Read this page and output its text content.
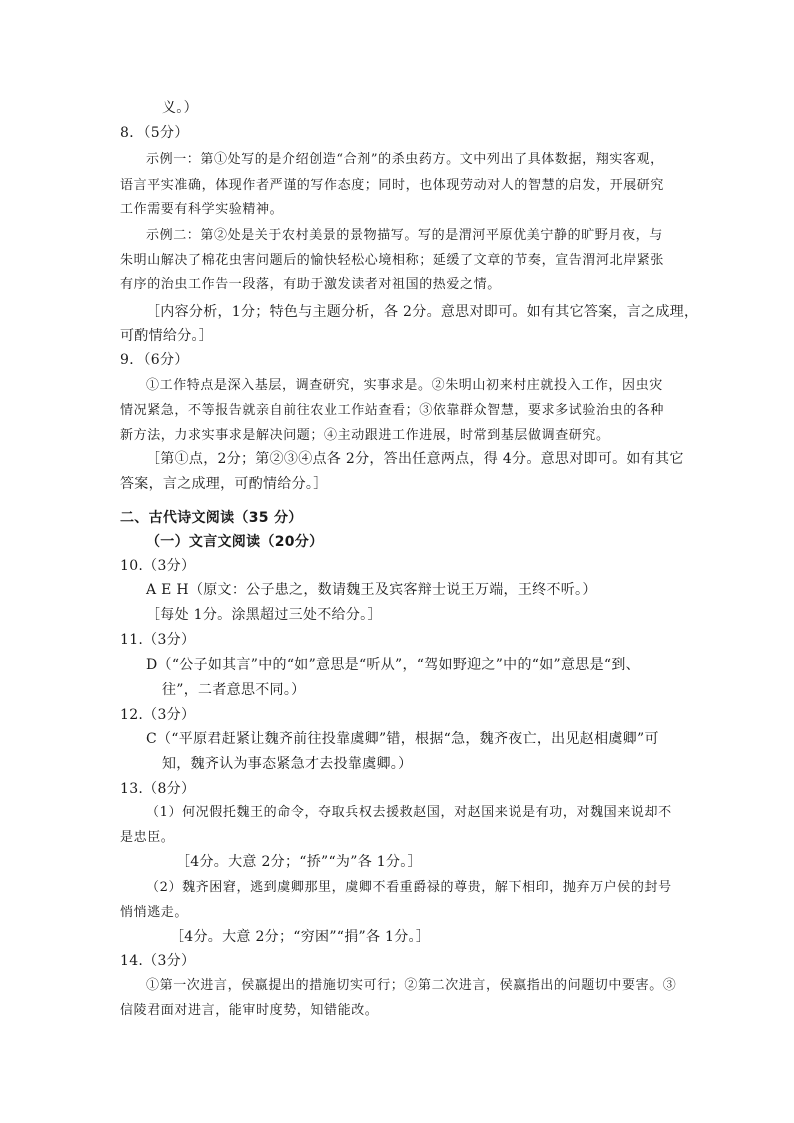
义。）
8．（5分）
示例一：第①处写的是介绍创造“合剂”的杀虫药方。文中列出了具体数据，翔实客观，
语言平实准确，体现作者严谨的写作态度；同时，也体现劳动对人的智慧的启发，开展研究
工作需要有科学实验精神。
示例二：第②处是关于农村美景的景物描写。写的是渭河平原优美宁静的旷野月夜，与
朱明山解决了棉花虫害问题后的愉快轻松心境相称；延缓了文章的节奏，宣告渭河北岸紧张
有序的治虫工作告一段落，有助于激发读者对祖国的热爱之情。
［内容分析，1分；特色与主题分析，各 2分。意思对即可。如有其它答案，言之成理，
可酌情给分。］
9．（6分）
①工作特点是深入基层，调查研究，实事求是。②朱明山初来村庄就投入工作，因虫灾
情况紧急，不等报告就亲自前往农业工作站查看；③依靠群众智慧，要求多试验治虫的各种
新方法，力求实事求是解决问题；④主动跟进工作进展，时常到基层做调查研究。
［第①点，2分；第②③④点各 2分，答出任意两点，得 4分。意思对即可。如有其它
答案，言之成理，可酌情给分。］
二、古代诗文阅读（35 分）
（一）文言文阅读（20分）
10.（3分）
A E H（原文：公子患之，数请魏王及宾客辩士说王万端，王终不听。）
［每处 1分。涂黑超过三处不给分。］
11.（3分）
D（“公子如其言”中的“如”意思是“听从”，“驾如野迎之”中的“如”意思是“到、
往”，二者意思不同。）
12.（3分）
C（“平原君赶紧让魏齐前往投靠虞卿”错，根据“急，魏齐夜亡，出见赵相虞卿”可
知，魏齐认为事态紧急才去投靠虞卿。）
13.（8分）
（1）何况假托魏王的命令，夺取兵权去援救赵国，对赵国来说是有功，对魏国来说却不
是忠臣。
［4分。大意 2分；“挢”“为”各 1分。］
（2）魏齐困窘，逃到虞卿那里，虞卿不看重爵禄的尊贵，解下相印，抛弃万户侯的封号
悄悄逃走。
［4分。大意 2分；“穷困”“捐”各 1分。］
14.（3分）
①第一次进言，侯嬴提出的措施切实可行；②第二次进言，侯嬴指出的问题切中要害。③
信陵君面对进言，能审时度势，知错能改。
